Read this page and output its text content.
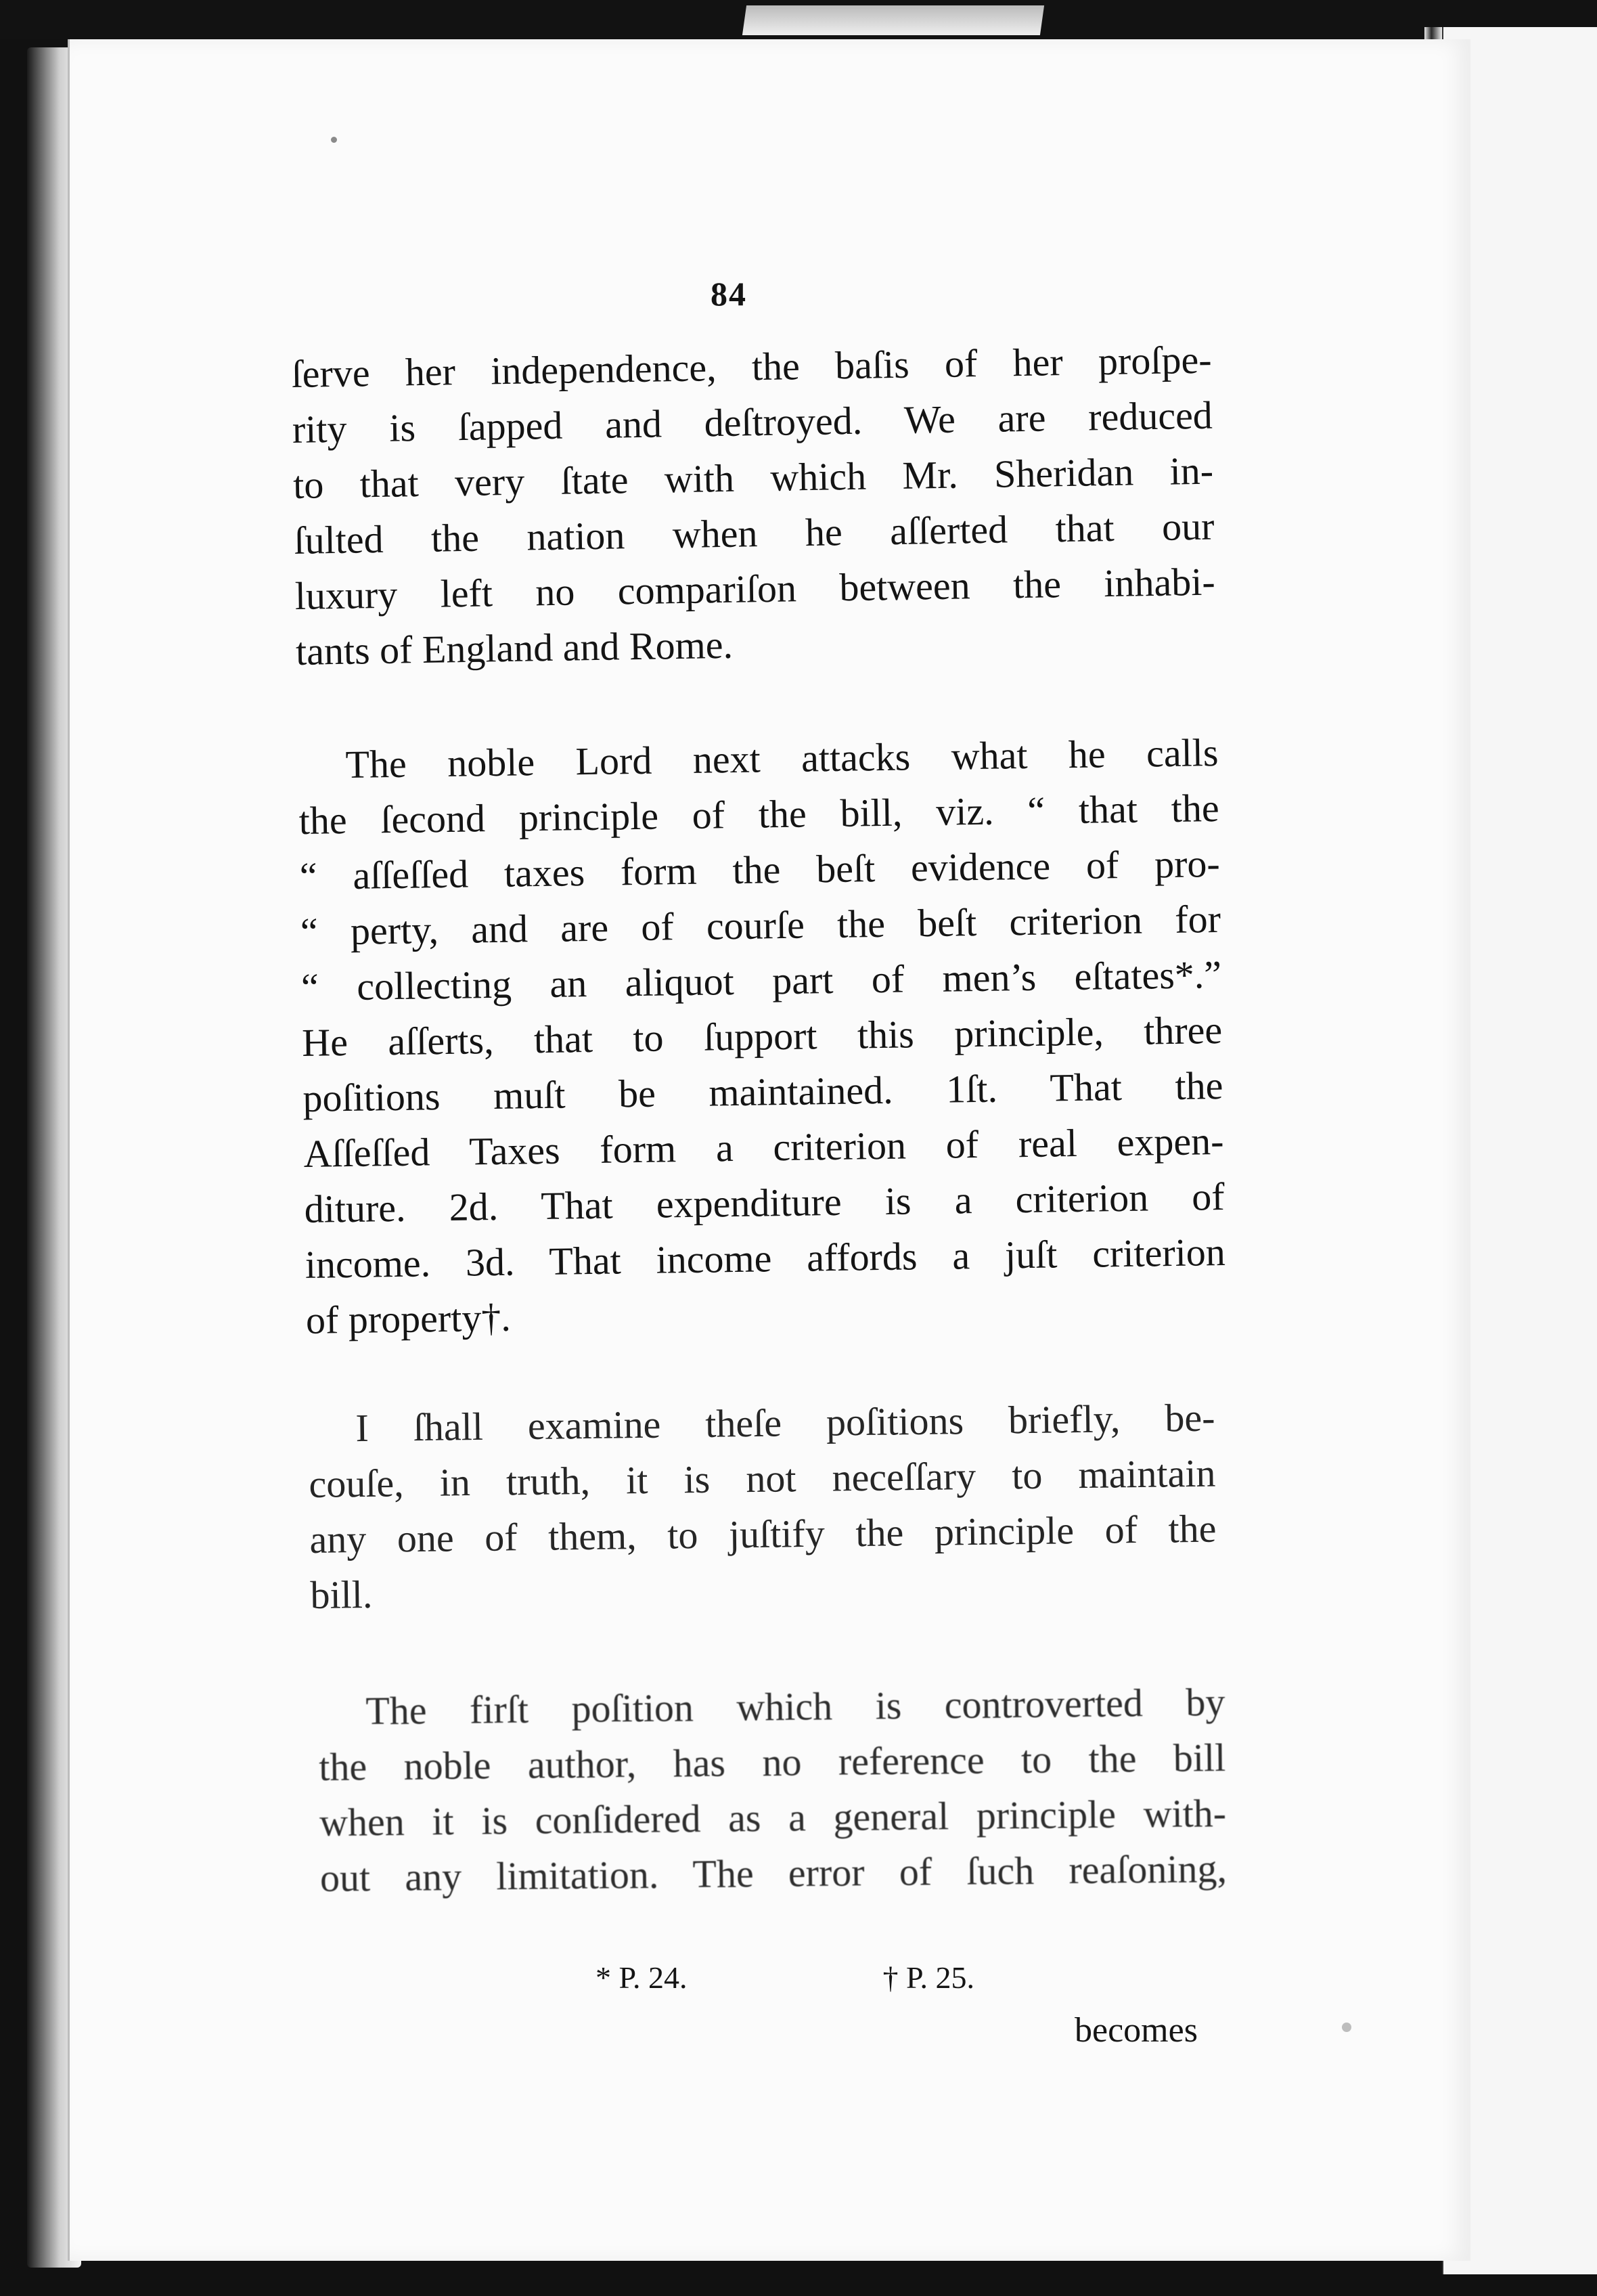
84
ſerve her independence, the baſis of her proſpe-
rity is ſapped and deſtroyed. We are reduced
to that very ſtate with which Mr. Sheridan in-
ſulted the nation when he aſſerted that our
luxury left no compariſon between the inhabi-
tants of England and Rome.
The noble Lord next attacks what he calls
the ſecond principle of the bill, viz. “ that the
“ aſſeſſed taxes form the beſt evidence of pro-
“ perty, and are of courſe the beſt criterion for
“ collecting an aliquot part of men’s eſtates*.”
He aſſerts, that to ſupport this principle, three
poſitions muſt be maintained. 1ſt. That the
Aſſeſſed Taxes form a criterion of real expen-
diture. 2d. That expenditure is a criterion of
income. 3d. That income affords a juſt criterion
of property†.
I ſhall examine theſe poſitions briefly, be-
couſe, in truth, it is not neceſſary to maintain
any one of them, to juſtify the principle of the
bill.
The firſt poſition which is controverted by
the noble author, has no reference to the bill
when it is conſidered as a general principle with-
out any limitation. The error of ſuch reaſoning,
* P. 24.	† P. 25.
becomes
